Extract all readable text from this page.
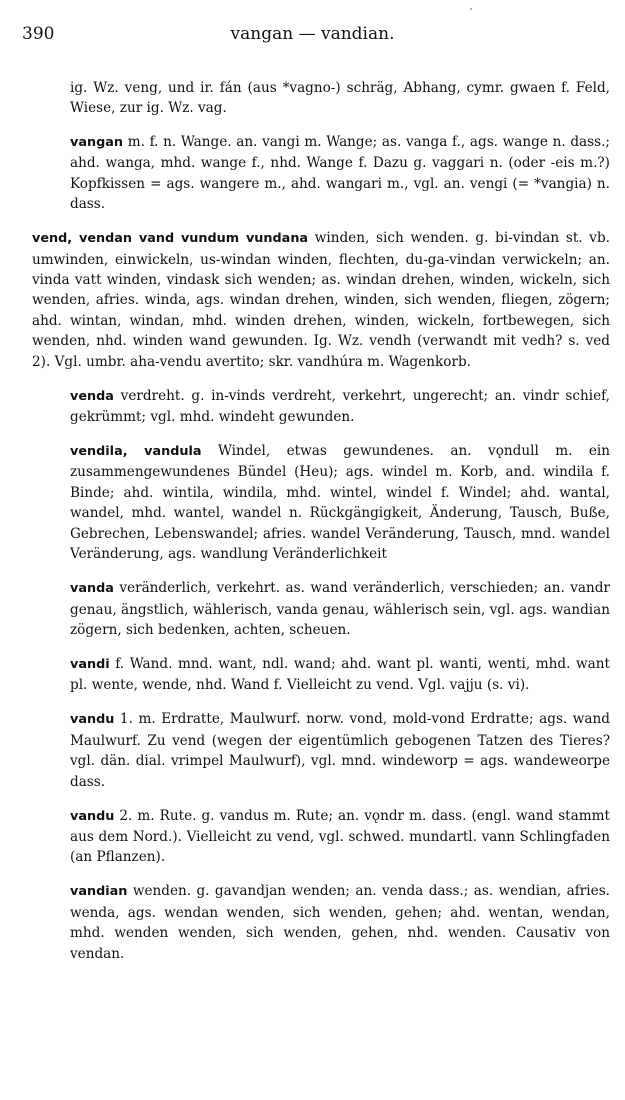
390	vangan — vandian.

ig. Wz. veng, und ir. fán (aus *vagno-) schräg, Abhang, cymr. gwaen f. Feld, Wiese, zur ig. Wz. vag.

vangan m. f. n. Wange. an. vangi m. Wange; as. vanga f., ags. wange n. dass.; ahd. wanga, mhd. wange f., nhd. Wange f. Dazu g. vaggari n. (oder -eis m.?) Kopfkissen = ags. wangere m., ahd. wangari m., vgl. an. vengi (= *vangia) n. dass.

vend, vendan vand vundum vundana winden, sich wenden. g. bi-vindan st. vb. umwinden, einwickeln, us-windan winden, flechten, du-ga-vindan verwickeln; an. vinda vatt winden, vindask sich wenden; as. windan drehen, winden, wickeln, sich wenden, afries. winda, ags. windan drehen, winden, sich wenden, fliegen, zögern; ahd. wintan, windan, mhd. winden drehen, winden, wickeln, fortbewegen, sich wenden, nhd. winden wand gewunden. Ig. Wz. vendh (verwandt mit vedh? s. ved 2). Vgl. umbr. aha-vendu avertito; skr. vandhúra m. Wagenkorb.

venda verdreht. g. in-vinds verdreht, verkehrt, ungerecht; an. vindr schief, gekrümmt; vgl. mhd. windeht gewunden.

vendila, vandula Windel, etwas gewundenes. an. vǫndull m. ein zusammengewundenes Bündel (Heu); ags. windel m. Korb, and. windila f. Binde; ahd. wintila, windila, mhd. wintel, windel f. Windel; ahd. wantal, wandel, mhd. wantel, wandel n. Rückgängigkeit, Änderung, Tausch, Buße, Gebrechen, Lebenswandel; afries. wandel Veränderung, Tausch, mnd. wandel Veränderung, ags. wandlung Veränderlichkeit

vanda veränderlich, verkehrt. as. wand veränderlich, verschieden; an. vandr genau, ängstlich, wählerisch, vanda genau, wählerisch sein, vgl. ags. wandian zögern, sich bedenken, achten, scheuen.

vandi f. Wand. mnd. want, ndl. wand; ahd. want pl. wanti, wenti, mhd. want pl. wente, wende, nhd. Wand f. Vielleicht zu vend. Vgl. vajju (s. vi).

vandu 1. m. Erdratte, Maulwurf. norw. vond, mold-vond Erdratte; ags. wand Maulwurf. Zu vend (wegen der eigentümlich gebogenen Tatzen des Tieres? vgl. dän. dial. vrimpel Maulwurf), vgl. mnd. windeworp = ags. wandeweorpe dass.

vandu 2. m. Rute. g. vandus m. Rute; an. vǫndr m. dass. (engl. wand stammt aus dem Nord.). Vielleicht zu vend, vgl. schwed. mundartl. vann Schlingfaden (an Pflanzen).

vandian wenden. g. gavandjan wenden; an. venda dass.; as. wendian, afries. wenda, ags. wendan wenden, sich wenden, gehen; ahd. wentan, wendan, mhd. wenden wenden, sich wenden, gehen, nhd. wenden. Causativ von vendan.
